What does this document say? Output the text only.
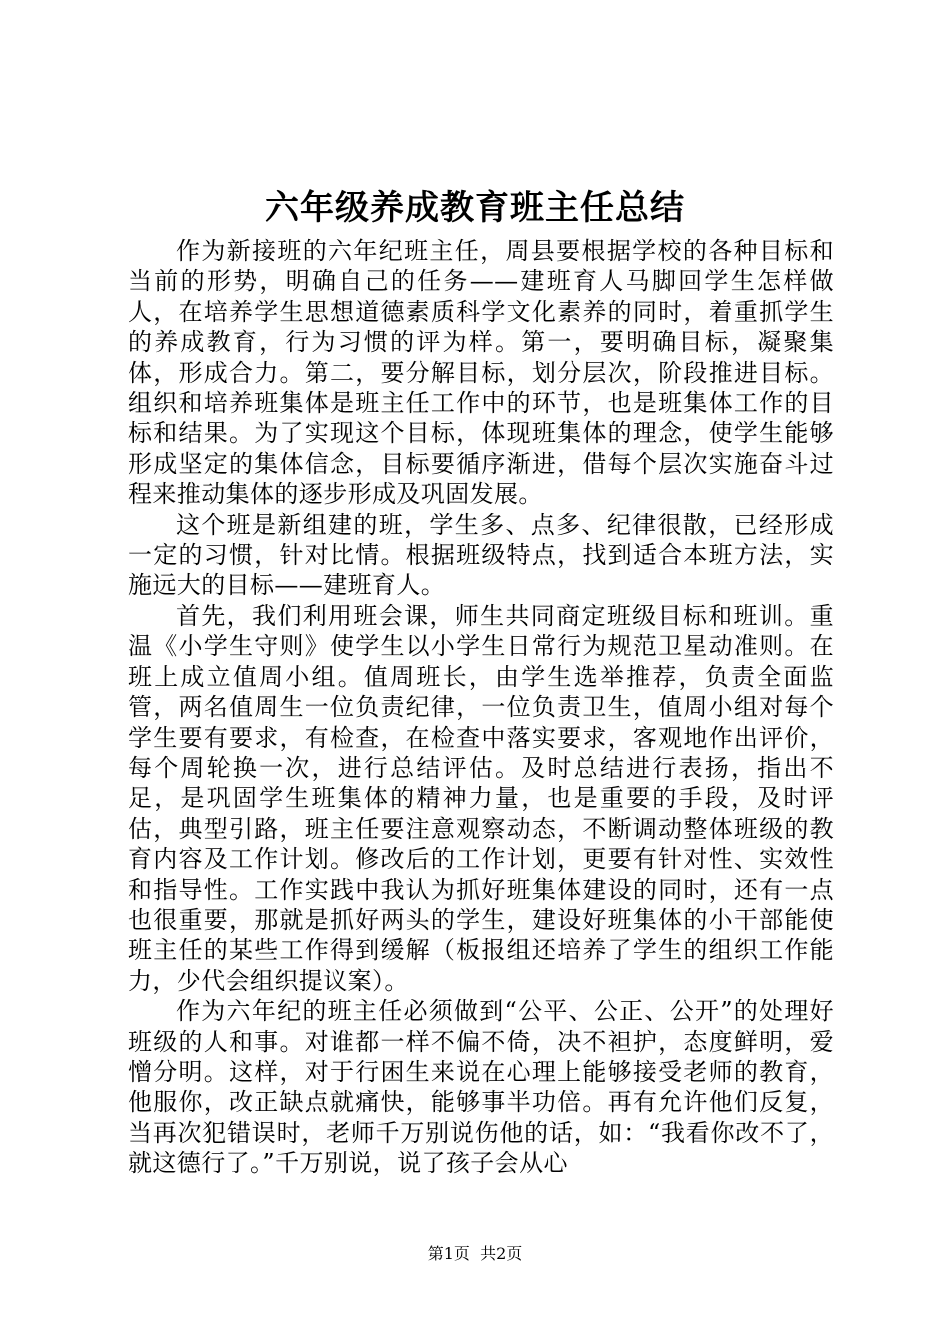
六年级养成教育班主任总结

作为新接班的六年纪班主任，周县要根据学校的各种目标和当前的形势，明确自己的任务——建班育人马脚回学生怎样做人，在培养学生思想道德素质科学文化素养的同时，着重抓学生的养成教育，行为习惯的评为样。第一，要明确目标，凝聚集体，形成合力。第二，要分解目标，划分层次，阶段推进目标。组织和培养班集体是班主任工作中的环节，也是班集体工作的目标和结果。为了实现这个目标，体现班集体的理念，使学生能够形成坚定的集体信念，目标要循序渐进，借每个层次实施奋斗过程来推动集体的逐步形成及巩固发展。

这个班是新组建的班，学生多、点多、纪律很散，已经形成一定的习惯，针对比情。根据班级特点，找到适合本班方法，实施远大的目标——建班育人。

首先，我们利用班会课，师生共同商定班级目标和班训。重温《小学生守则》使学生以小学生日常行为规范卫星动准则。在班上成立值周小组。值周班长，由学生选举推荐，负责全面监管，两名值周生一位负责纪律，一位负责卫生，值周小组对每个学生要有要求，有检查，在检查中落实要求，客观地作出评价，每个周轮换一次，进行总结评估。及时总结进行表扬，指出不足，是巩固学生班集体的精神力量，也是重要的手段，及时评估，典型引路，班主任要注意观察动态，不断调动整体班级的教育内容及工作计划。修改后的工作计划，更要有针对性、实效性和指导性。工作实践中我认为抓好班集体建设的同时，还有一点也很重要，那就是抓好两头的学生，建设好班集体的小干部能使班主任的某些工作得到缓解（板报组还培养了学生的组织工作能力，少代会组织提议案）。

作为六年纪的班主任必须做到“公平、公正、公开”的处理好班级的人和事。对谁都一样不偏不倚，决不袒护，态度鲜明，爱憎分明。这样，对于行困生来说在心理上能够接受老师的教育，他服你，改正缺点就痛快，能够事半功倍。再有允许他们反复，当再次犯错误时，老师千万别说伤他的话，如：“我看你改不了，就这德行了。”千万别说，说了孩子会从心

第1页  共2页
